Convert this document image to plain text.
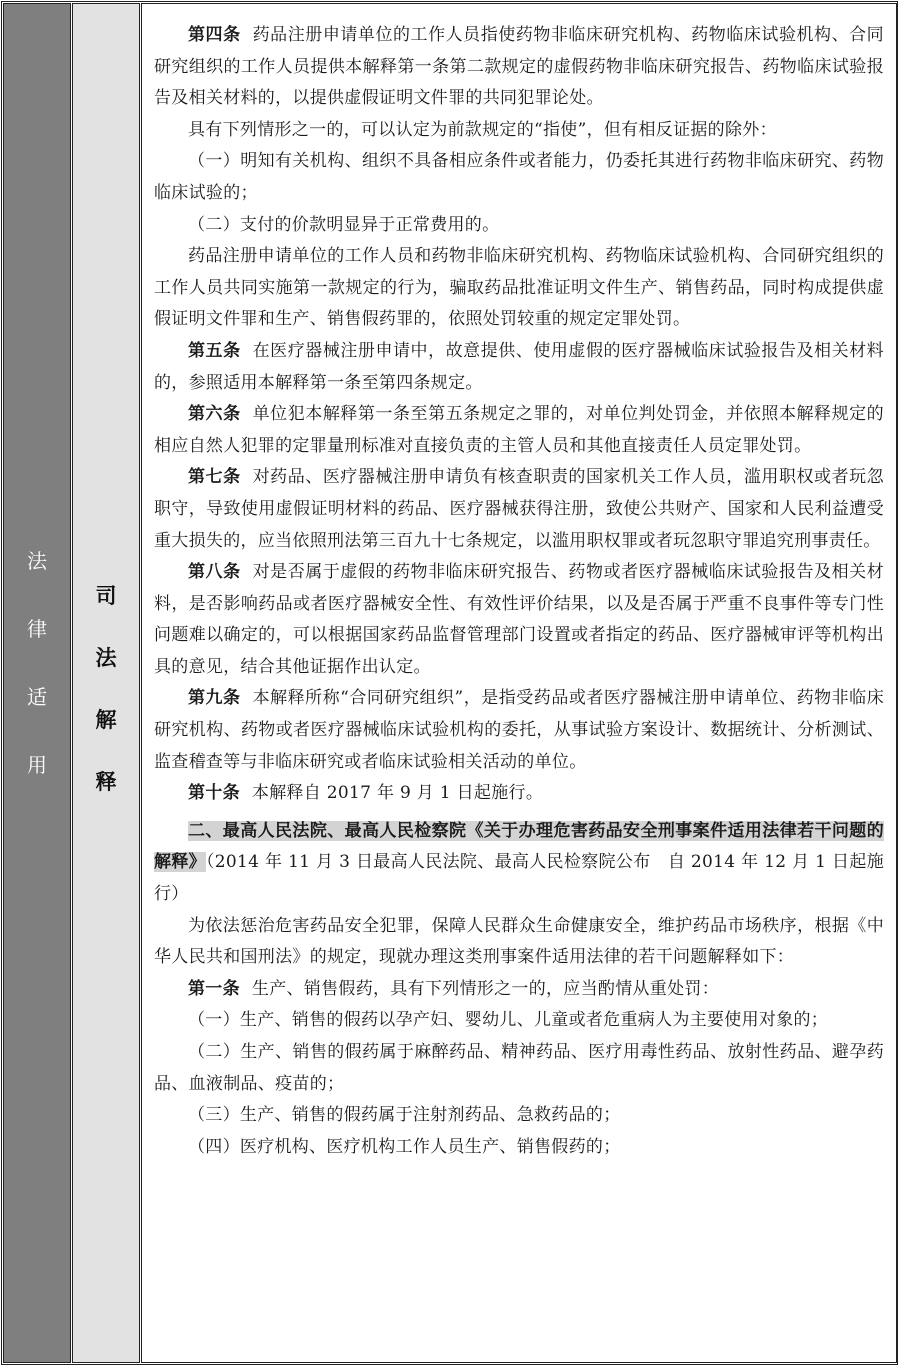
法
律
适
用
司
法
解
释

第四条 药品注册申请单位的工作人员指使药物非临床研究机构、药物临床试验机构、合同研究组织的工作人员提供本解释第一条第二款规定的虚假药物非临床研究报告、药物临床试验报告及相关材料的，以提供虚假证明文件罪的共同犯罪论处。

具有下列情形之一的，可以认定为前款规定的“指使”，但有相反证据的除外：

（一）明知有关机构、组织不具备相应条件或者能力，仍委托其进行药物非临床研究、药物临床试验的；

（二）支付的价款明显异于正常费用的。

药品注册申请单位的工作人员和药物非临床研究机构、药物临床试验机构、合同研究组织的工作人员共同实施第一款规定的行为，骗取药品批准证明文件生产、销售药品，同时构成提供虚假证明文件罪和生产、销售假药罪的，依照处罚较重的规定定罪处罚。

第五条 在医疗器械注册申请中，故意提供、使用虚假的医疗器械临床试验报告及相关材料的，参照适用本解释第一条至第四条规定。

第六条 单位犯本解释第一条至第五条规定之罪的，对单位判处罚金，并依照本解释规定的相应自然人犯罪的定罪量刑标准对直接负责的主管人员和其他直接责任人员定罪处罚。

第七条 对药品、医疗器械注册申请负有核查职责的国家机关工作人员，滥用职权或者玩忽职守，导致使用虚假证明材料的药品、医疗器械获得注册，致使公共财产、国家和人民利益遭受重大损失的，应当依照刑法第三百九十七条规定，以滥用职权罪或者玩忽职守罪追究刑事责任。

第八条 对是否属于虚假的药物非临床研究报告、药物或者医疗器械临床试验报告及相关材料，是否影响药品或者医疗器械安全性、有效性评价结果，以及是否属于严重不良事件等专门性问题难以确定的，可以根据国家药品监督管理部门设置或者指定的药品、医疗器械审评等机构出具的意见，结合其他证据作出认定。

第九条 本解释所称“合同研究组织”，是指受药品或者医疗器械注册申请单位、药物非临床研究机构、药物或者医疗器械临床试验机构的委托，从事试验方案设计、数据统计、分析测试、监查稽查等与非临床研究或者临床试验相关活动的单位。

第十条 本解释自 2017 年 9 月 1 日起施行。

二、最高人民法院、最高人民检察院《关于办理危害药品安全刑事案件适用法律若干问题的解释》（2014 年 11 月 3 日最高人民法院、最高人民检察院公布　自 2014 年 12 月 1 日起施行）

为依法惩治危害药品安全犯罪，保障人民群众生命健康安全，维护药品市场秩序，根据《中华人民共和国刑法》的规定，现就办理这类刑事案件适用法律的若干问题解释如下：

第一条 生产、销售假药，具有下列情形之一的，应当酌情从重处罚：

（一）生产、销售的假药以孕产妇、婴幼儿、儿童或者危重病人为主要使用对象的；

（二）生产、销售的假药属于麻醉药品、精神药品、医疗用毒性药品、放射性药品、避孕药品、血液制品、疫苗的；

（三）生产、销售的假药属于注射剂药品、急救药品的；

（四）医疗机构、医疗机构工作人员生产、销售假药的；
